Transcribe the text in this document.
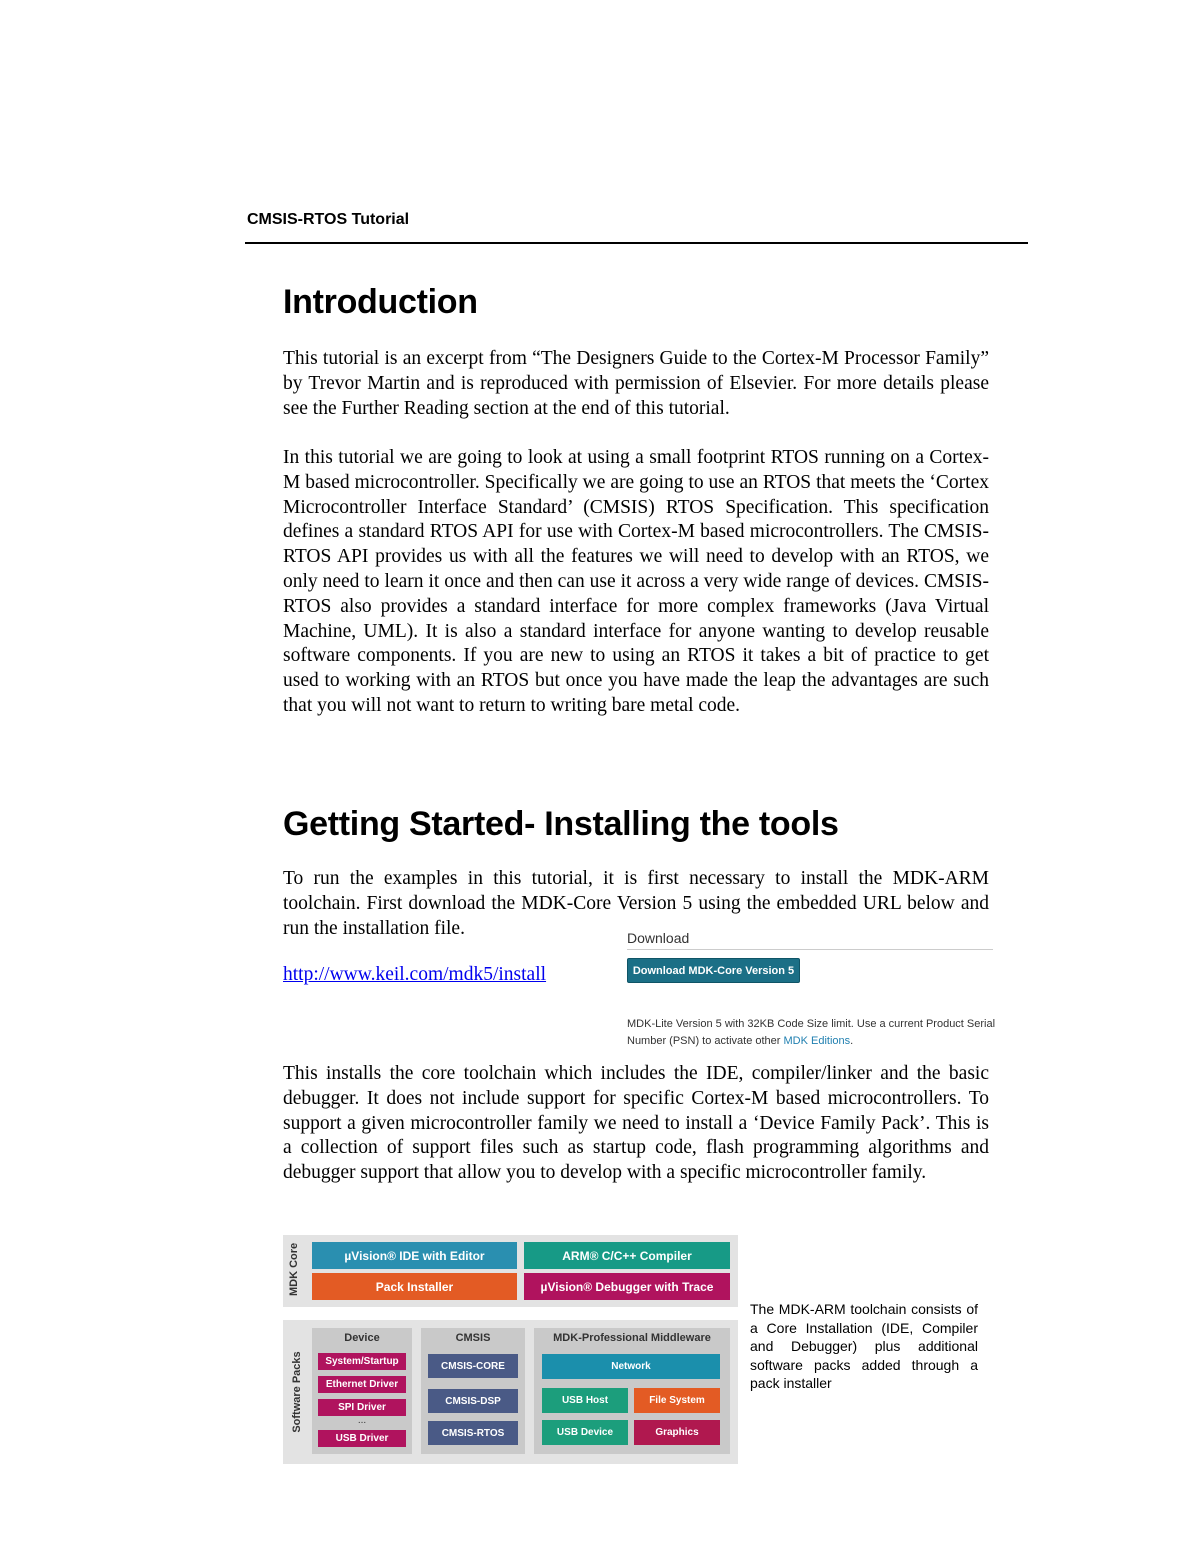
CMSIS-RTOS Tutorial
Introduction

This tutorial is an excerpt from “The Designers Guide to the Cortex-M Processor Family” by Trevor Martin and is reproduced with permission of Elsevier. For more details please see the Further Reading section at the end of this tutorial.

In this tutorial we are going to look at using a small footprint RTOS running on a Cortex-M based microcontroller. Specifically we are going to use an RTOS that meets the ‘Cortex Microcontroller Interface Standard’ (CMSIS) RTOS Specification. This specification defines a standard RTOS API for use with Cortex-M based microcontrollers. The CMSIS-RTOS API provides us with all the features we will need to develop with an RTOS, we only need to learn it once and then can use it across a very wide range of devices. CMSIS-RTOS also provides a standard interface for more complex frameworks (Java Virtual Machine, UML). It is also a standard interface for anyone wanting to develop reusable software components. If you are new to using an RTOS it takes a bit of practice to get used to working with an RTOS but once you have made the leap the advantages are such that you will not want to return to writing bare metal code.

Getting Started- Installing the tools

To run the examples in this tutorial, it is first necessary to install the MDK-ARM toolchain. First download the MDK-Core Version 5 using the embedded URL below and run the installation file.

http://www.keil.com/mdk5/install
Download
Download MDK-Core Version 5
MDK-Lite Version 5 with 32KB Code Size limit. Use a current Product Serial Number (PSN) to activate other MDK Editions.

This installs the core toolchain which includes the IDE, compiler/linker and the basic debugger. It does not include support for specific Cortex-M based microcontrollers. To support a given microcontroller family we need to install a ‘Device Family Pack’. This is a collection of support files such as startup code, flash programming algorithms and debugger support that allow you to develop with a specific microcontroller family.

MDK Core	µVision® IDE with Editor	ARM® C/C++ Compiler
Pack Installer	µVision® Debugger with Trace
Software Packs
Device
System/Startup
Ethernet Driver
SPI Driver
...
USB Driver
CMSIS
CMSIS-CORE
CMSIS-DSP
CMSIS-RTOS
MDK-Professional Middleware
Network
USB Host	File System
USB Device	Graphics
The MDK-ARM toolchain consists of a Core Installation (IDE, Compiler and Debugger) plus additional software packs added through a pack installer
